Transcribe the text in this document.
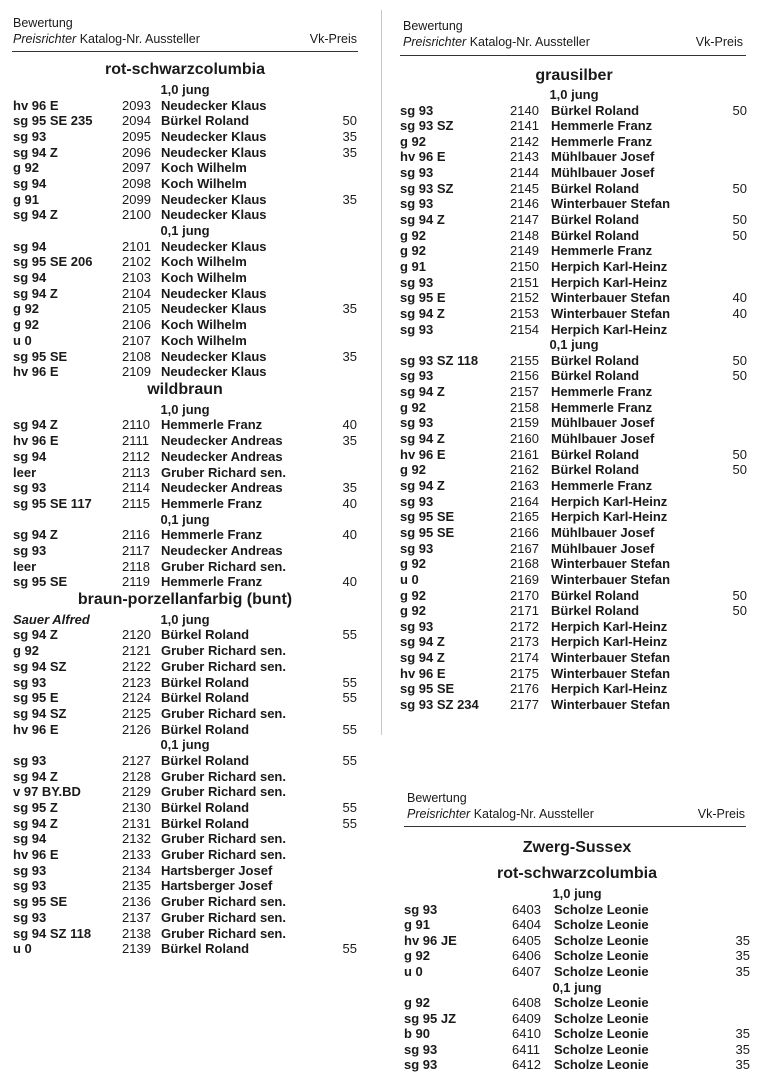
Bewertung
Preisrichter Katalog-Nr. Aussteller	Vk-Preis
rot-schwarzcolumbia
1,0 jung
hv 96 E	2093 Neudecker Klaus
sg 95 SE 235 2094 Bürkel Roland	50
sg 93	2095 Neudecker Klaus	35
sg 94 Z	2096 Neudecker Klaus	35
g 92	2097 Koch Wilhelm
sg 94	2098 Koch Wilhelm
g 91	2099 Neudecker Klaus	35
sg 94 Z	2100 Neudecker Klaus
0,1 jung
sg 94	2101 Neudecker Klaus
sg 95 SE 206 2102 Koch Wilhelm
sg 94	2103 Koch Wilhelm
sg 94 Z	2104 Neudecker Klaus
g 92	2105 Neudecker Klaus	35
g 92	2106 Koch Wilhelm
u 0	2107 Koch Wilhelm
sg 95 SE	2108 Neudecker Klaus	35
hv 96 E	2109 Neudecker Klaus
wildbraun
1,0 jung
sg 94 Z	2110 Hemmerle Franz	40
hv 96 E	2111 Neudecker Andreas	35
sg 94	2112 Neudecker Andreas
leer	2113 Gruber Richard sen.
sg 93	2114 Neudecker Andreas	35
sg 95 SE 117 2115 Hemmerle Franz	40
0,1 jung
sg 94 Z	2116 Hemmerle Franz	40
sg 93	2117 Neudecker Andreas
leer	2118 Gruber Richard sen.
sg 95 SE	2119 Hemmerle Franz	40
braun-porzellanfarbig (bunt)
1,0 jung
Sauer Alfred
sg 94 Z	2120 Bürkel Roland	55
g 92	2121 Gruber Richard sen.
sg 94 SZ	2122 Gruber Richard sen.
sg 93	2123 Bürkel Roland	55
sg 95 E	2124 Bürkel Roland	55
sg 94 SZ	2125 Gruber Richard sen.
hv 96 E	2126 Bürkel Roland	55
0,1 jung
sg 93	2127 Bürkel Roland	55
sg 94 Z	2128 Gruber Richard sen.
v 97 BY.BD	2129 Gruber Richard sen.
sg 95 Z	2130 Bürkel Roland	55
sg 94 Z	2131 Bürkel Roland	55
sg 94	2132 Gruber Richard sen.
hv 96 E	2133 Gruber Richard sen.
sg 93	2134 Hartsberger Josef
sg 93	2135 Hartsberger Josef
sg 95 SE	2136 Gruber Richard sen.
sg 93	2137 Gruber Richard sen.
sg 94 SZ 118 2138 Gruber Richard sen.
u 0	2139 Bürkel Roland	55
Bewertung
Preisrichter Katalog-Nr. Aussteller	Vk-Preis
grausilber
1,0 jung
sg 93	2140 Bürkel Roland	50
sg 93 SZ	2141 Hemmerle Franz
g 92	2142 Hemmerle Franz
hv 96 E	2143 Mühlbauer Josef
sg 93	2144 Mühlbauer Josef
sg 93 SZ	2145 Bürkel Roland	50
sg 93	2146 Winterbauer Stefan
sg 94 Z	2147 Bürkel Roland	50
g 92	2148 Bürkel Roland	50
g 92	2149 Hemmerle Franz
g 91	2150 Herpich Karl-Heinz
sg 93	2151 Herpich Karl-Heinz
sg 95 E	2152 Winterbauer Stefan	40
sg 94 Z	2153 Winterbauer Stefan	40
sg 93	2154 Herpich Karl-Heinz
0,1 jung
sg 93 SZ 118 2155 Bürkel Roland	50
sg 93	2156 Bürkel Roland	50
sg 94 Z	2157 Hemmerle Franz
g 92	2158 Hemmerle Franz
sg 93	2159 Mühlbauer Josef
sg 94 Z	2160 Mühlbauer Josef
hv 96 E	2161 Bürkel Roland	50
g 92	2162 Bürkel Roland	50
sg 94 Z	2163 Hemmerle Franz
sg 93	2164 Herpich Karl-Heinz
sg 95 SE	2165 Herpich Karl-Heinz
sg 95 SE	2166 Mühlbauer Josef
sg 93	2167 Mühlbauer Josef
g 92	2168 Winterbauer Stefan
u 0	2169 Winterbauer Stefan
g 92	2170 Bürkel Roland	50
g 92	2171 Bürkel Roland	50
sg 93	2172 Herpich Karl-Heinz
sg 94 Z	2173 Herpich Karl-Heinz
sg 94 Z	2174 Winterbauer Stefan
hv 96 E	2175 Winterbauer Stefan
sg 95 SE	2176 Herpich Karl-Heinz
sg 93 SZ 234 2177 Winterbauer Stefan
Bewertung
Preisrichter Katalog-Nr. Aussteller	Vk-Preis
Zwerg-Sussex
rot-schwarzcolumbia
1,0 jung
sg 93	6403 Scholze Leonie
g 91	6404 Scholze Leonie
hv 96 JE	6405 Scholze Leonie	35
g 92	6406 Scholze Leonie	35
u 0	6407 Scholze Leonie	35
0,1 jung
g 92	6408 Scholze Leonie
sg 95 JZ	6409 Scholze Leonie
b 90	6410 Scholze Leonie	35
sg 93	6411 Scholze Leonie	35
sg 93	6412 Scholze Leonie	35
